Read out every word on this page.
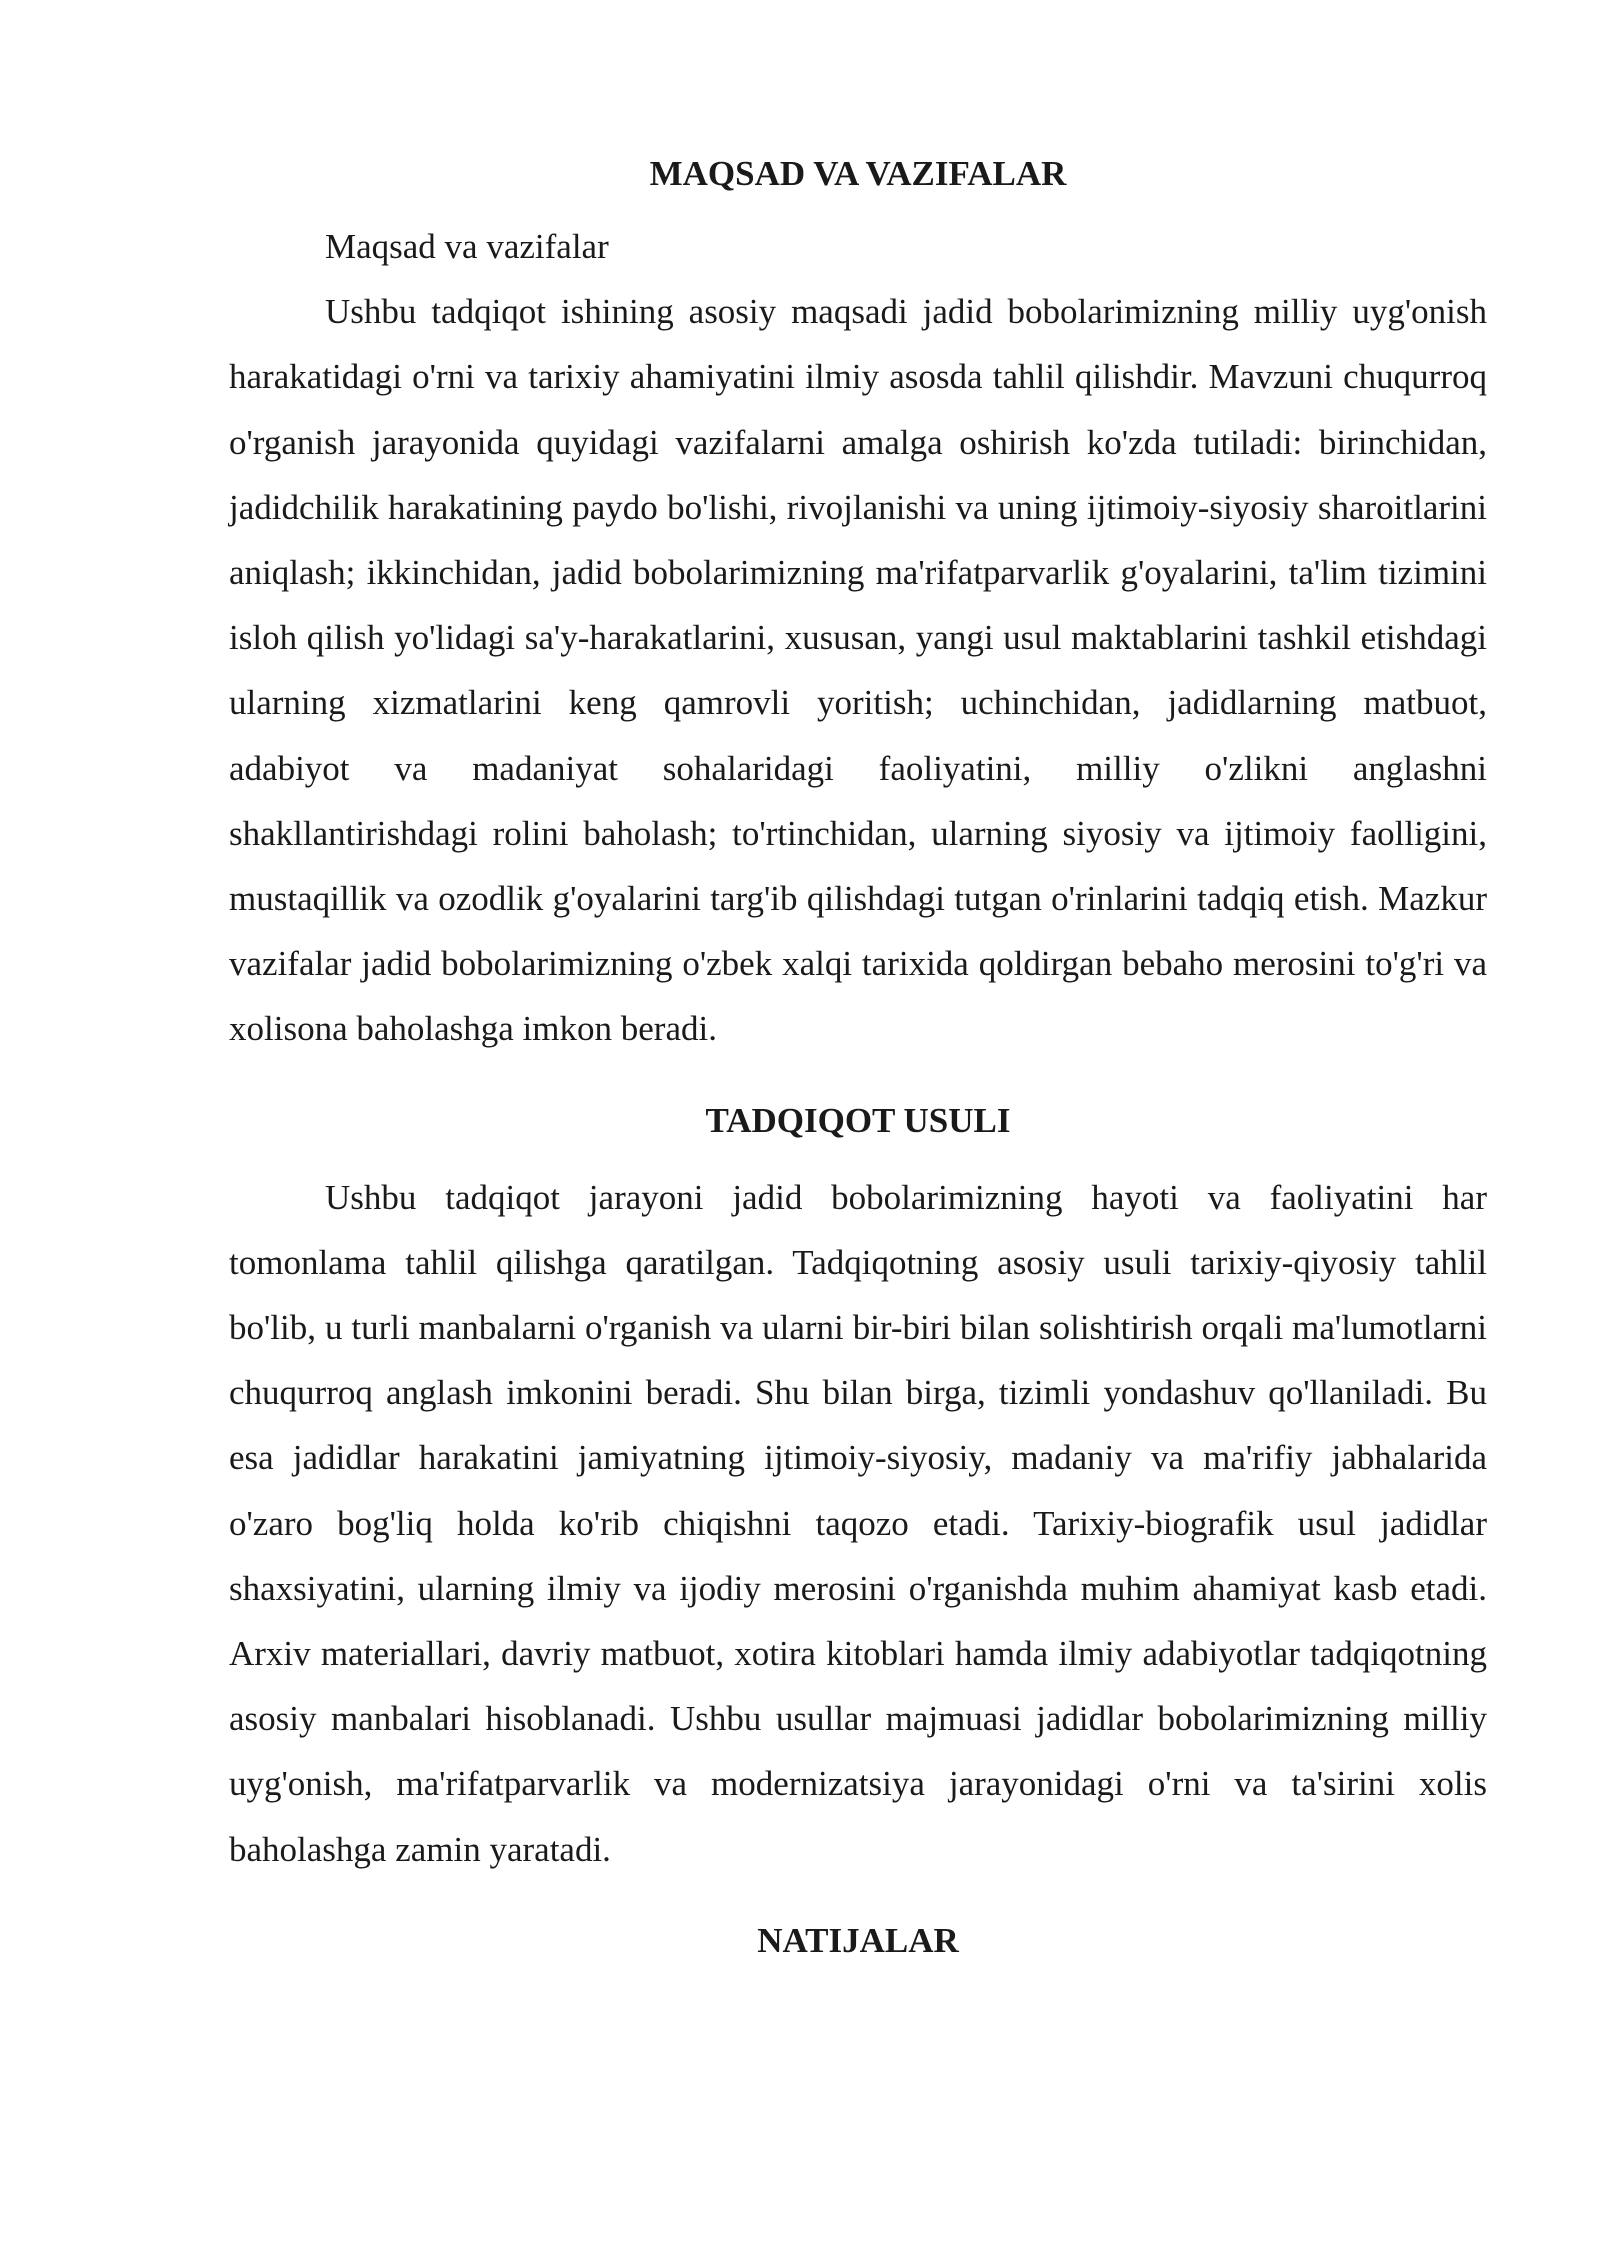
MAQSAD VA VAZIFALAR

Maqsad va vazifalar

Ushbu tadqiqot ishining asosiy maqsadi jadid bobolarimizning milliy uyg'onish harakatidagi o'rni va tarixiy ahamiyatini ilmiy asosda tahlil qilishdir. Mavzuni chuqurroq o'rganish jarayonida quyidagi vazifalarni amalga oshirish ko'zda tutiladi: birinchidan, jadidchilik harakatining paydo bo'lishi, rivojlanishi va uning ijtimoiy-siyosiy sharoitlarini aniqlash; ikkinchidan, jadid bobolarimizning ma'rifatparvarlik g'oyalarini, ta'lim tizimini isloh qilish yo'lidagi sa'y-harakatlarini, xususan, yangi usul maktablarini tashkil etishdagi ularning xizmatlarini keng qamrovli yoritish; uchinchidan, jadidlarning matbuot, adabiyot va madaniyat sohalaridagi faoliyatini, milliy o'zlikni anglashni shakllantirishdagi rolini baholash; to'rtinchidan, ularning siyosiy va ijtimoiy faolligini, mustaqillik va ozodlik g'oyalarini targ'ib qilishdagi tutgan o'rinlarini tadqiq etish. Mazkur vazifalar jadid bobolarimizning o'zbek xalqi tarixida qoldirgan bebaho merosini to'g'ri va xolisona baholashga imkon beradi.

TADQIQOT USULI

Ushbu tadqiqot jarayoni jadid bobolarimizning hayoti va faoliyatini har tomonlama tahlil qilishga qaratilgan. Tadqiqotning asosiy usuli tarixiy-qiyosiy tahlil bo'lib, u turli manbalarni o'rganish va ularni bir-biri bilan solishtirish orqali ma'lumotlarni chuqurroq anglash imkonini beradi. Shu bilan birga, tizimli yondashuv qo'llaniladi. Bu esa jadidlar harakatini jamiyatning ijtimoiy-siyosiy, madaniy va ma'rifiy jabhalarida o'zaro bog'liq holda ko'rib chiqishni taqozo etadi. Tarixiy-biografik usul jadidlar shaxsiyatini, ularning ilmiy va ijodiy merosini o'rganishda muhim ahamiyat kasb etadi. Arxiv materiallari, davriy matbuot, xotira kitoblari hamda ilmiy adabiyotlar tadqiqotning asosiy manbalari hisoblanadi. Ushbu usullar majmuasi jadidlar bobolarimizning milliy uyg'onish, ma'rifatparvarlik va modernizatsiya jarayonidagi o'rni va ta'sirini xolis baholashga zamin yaratadi.

NATIJALAR
